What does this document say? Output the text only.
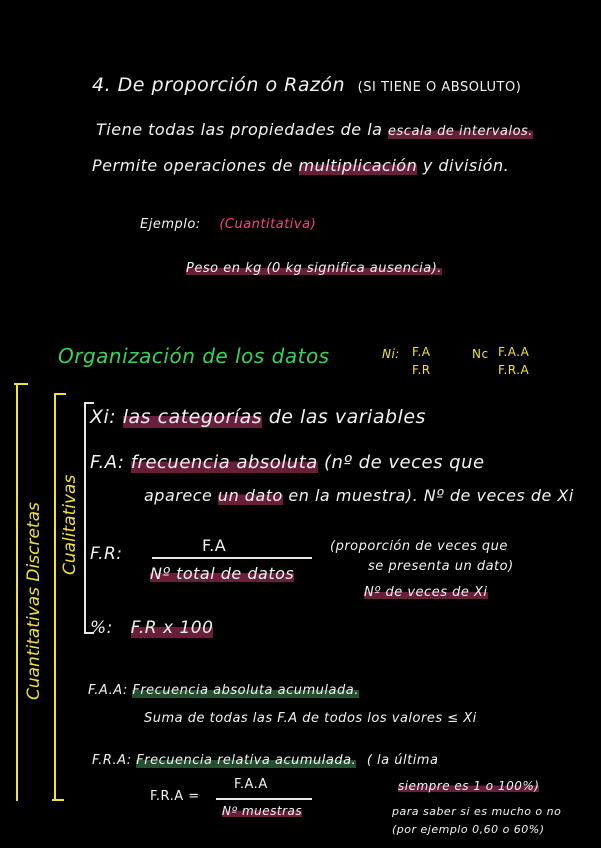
4. De proporción o Razón (SI TIENE O ABSOLUTO)
Tiene todas las propiedades de la escala de intervalos.
Permite operaciones de multiplicación y división.
Ejemplo: (Cuantitativa)
Peso en kg (0 kg significa ausencia).
Organización de los datos	Ni: F.A
F.R
Nc F.A.A
F.R.A
Cuantitativas Discretas Cualitativas
Xi: las categorías de las variables
F.A: frecuencia absoluta (nº de veces que
aparece un dato en la muestra). Nº de veces de Xi
F.R:	F.A
Nº total de datos
(proporción de veces que
se presenta un dato)
Nº de veces de Xi
%: F.R x 100
F.A.A: Frecuencia absoluta acumulada.
Suma de todas las F.A de todos los valores ≤ Xi
F.R.A: Frecuencia relativa acumulada. ( la última
F.R.A =
F.A.A
Nº muestras
siempre es 1 o 100%)
para saber si es mucho o no
(por ejemplo 0,60 o 60%)
